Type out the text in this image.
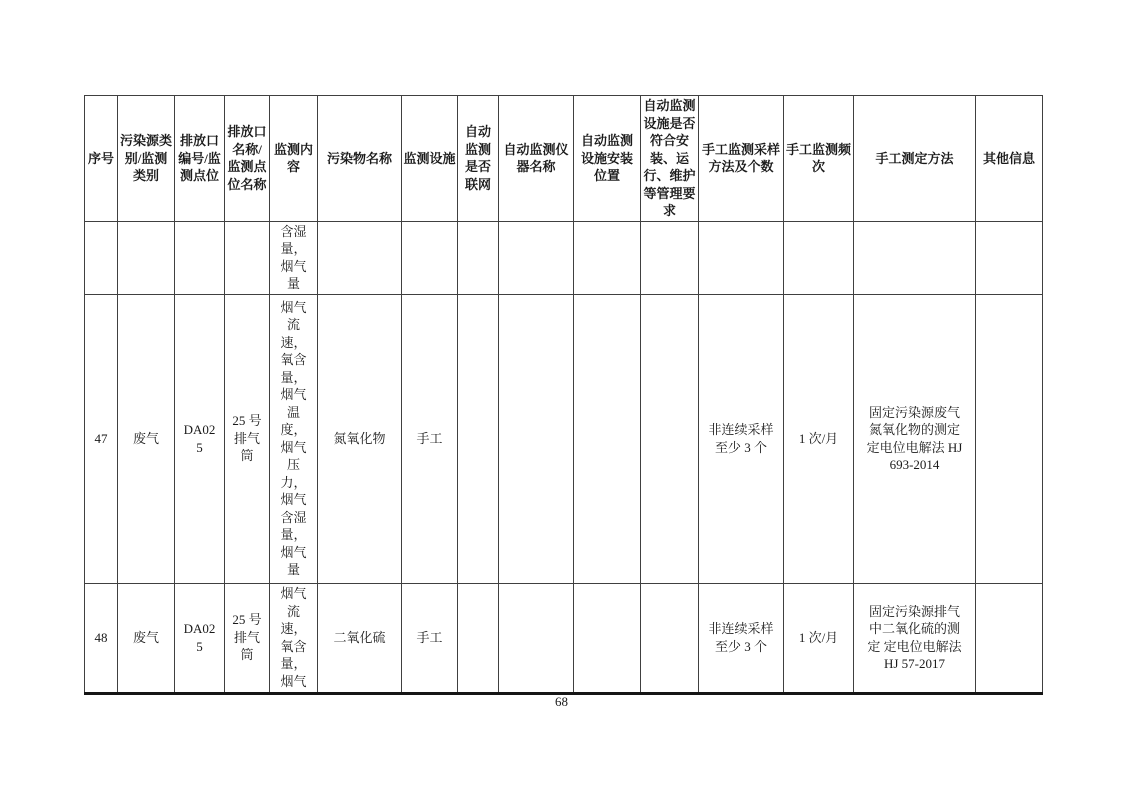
序号	污染源类别/监测类别	排放口编号/监测点位	排放口名称/监测点位名称	监测内容	污染物名称	监测设施	自动监测是否联网	自动监测仪器名称	自动监测设施安装位置	自动监测设施是否符合安装、运行、维护等管理要求	手工监测采样方法及个数	手工监测频次	手工测定方法	其他信息
				含湿量，烟气量										
47	废气	DA025	25 号排气筒	烟气流速，氧含量，烟气温度，烟气压力，烟气含湿量，烟气量	氮氧化物	手工					非连续采样至少 3 个	1 次/月	固定污染源废气氮氧化物的测定 定电位电解法 HJ 693-2014	
48	废气	DA025	25 号排气筒	烟气流速，氧含量，烟气	二氧化硫	手工					非连续采样至少 3 个	1 次/月	固定污染源排气中二氧化硫的测定 定电位电解法 HJ 57-2017	
68
